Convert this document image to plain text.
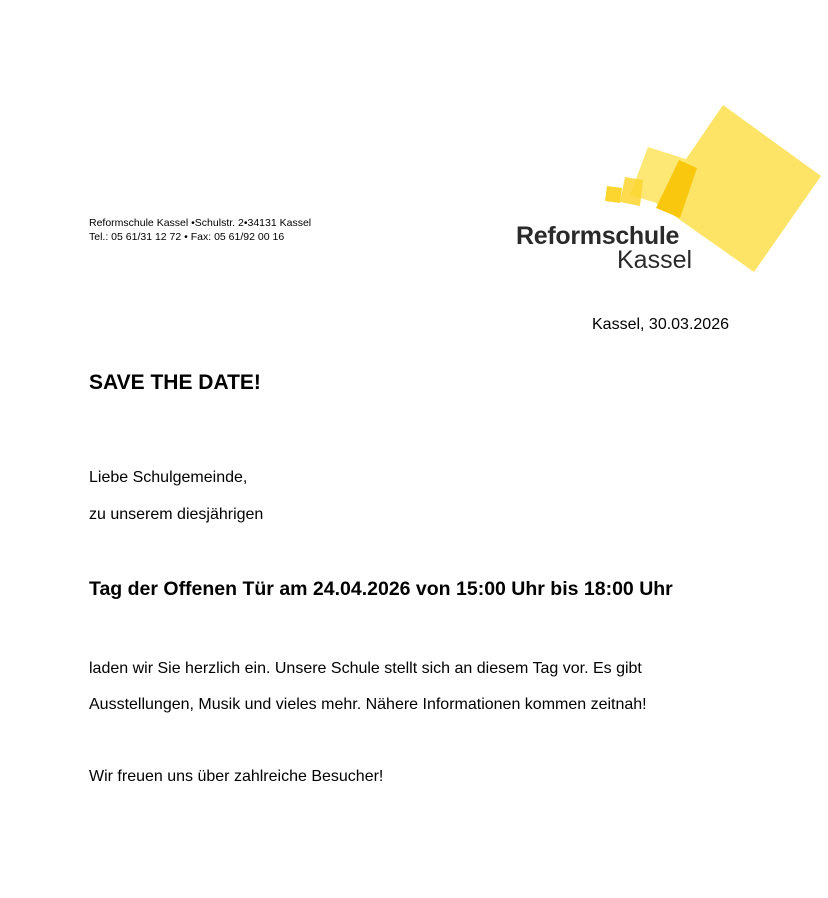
Reformschule Kassel •Schulstr. 2•34131 Kassel
Tel.: 05 61/31 12 72 • Fax: 05 61/92 00 16	Reformschule
Kassel
Kassel, 30.03.2026
SAVE THE DATE!
Liebe Schulgemeinde,
zu unserem diesjährigen
Tag der Offenen Tür am 24.04.2026 von 15:00 Uhr bis 18:00 Uhr
laden wir Sie herzlich ein. Unsere Schule stellt sich an diesem Tag vor. Es gibt
Ausstellungen, Musik und vieles mehr. Nähere Informationen kommen zeitnah!
Wir freuen uns über zahlreiche Besucher!
